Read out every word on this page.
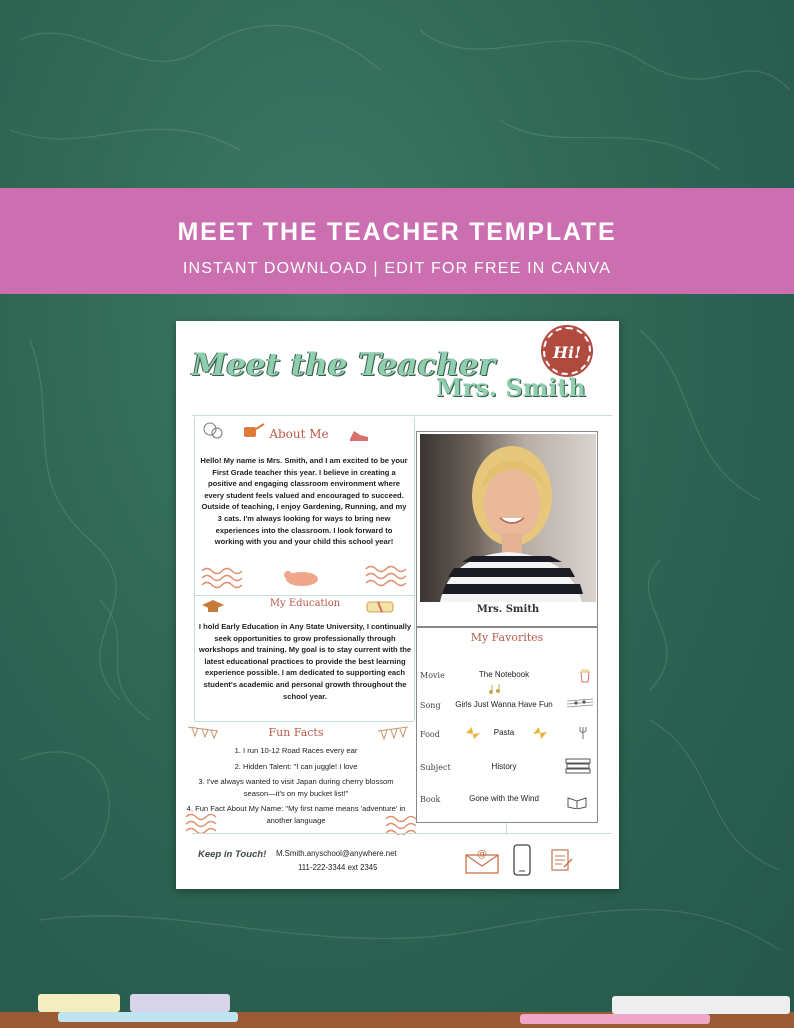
MEET THE TEACHER TEMPLATE
INSTANT DOWNLOAD | EDIT FOR FREE IN CANVA
Meet the Teacher	Hi!
Mrs. Smith
About Me
Hello! My name is Mrs. Smith, and I am excited to be your First Grade teacher this year. I believe in creating a positive and engaging classroom environment where every student feels valued and encouraged to succeed. Outside of teaching, I enjoy Gardening, Running, and my 3 cats. I'm always looking for ways to bring new experiences into the classroom. I look forward to working with you and your child this school year!
My Education
I hold Early Education in Any State University, I continually seek opportunities to grow professionally through workshops and training. My goal is to stay current with the latest educational practices to provide the best learning experience possible. I am dedicated to supporting each student's academic and personal growth throughout the school year.
Fun Facts
1. I run 10-12 Road Races every ear
2. Hidden Talent: "I can juggle! I love
3. I've always wanted to visit Japan during cherry blossom season—it's on my bucket list!"
4. Fun Fact About My Name: "My first name means 'adventure' in another language
Mrs. Smith
My Favorites
Movie	The Notebook
Song	Girls Just Wanna Have Fun
Food	Pasta
Subject	History
Book	Gone with the Wind
Keep in Touch! M.Smith.anyschool@anywhere.net
111-222-3344 ext 2345
@
